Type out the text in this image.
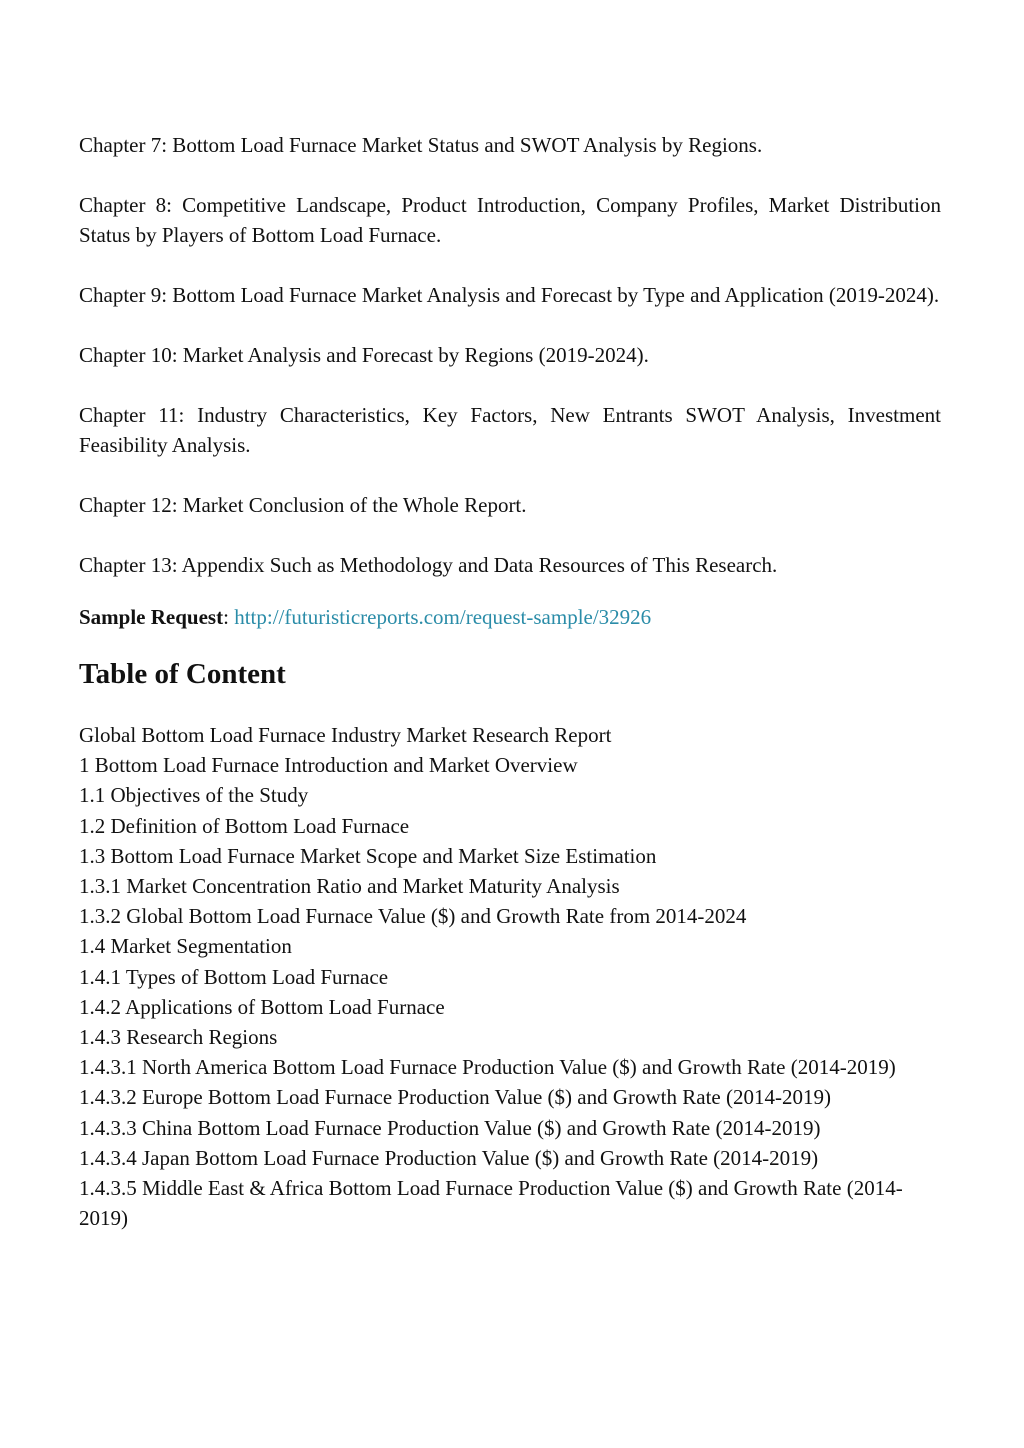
Chapter 7: Bottom Load Furnace Market Status and SWOT Analysis by Regions.

Chapter 8: Competitive Landscape, Product Introduction, Company Profiles, Market Distribution Status by Players of Bottom Load Furnace.

Chapter 9: Bottom Load Furnace Market Analysis and Forecast by Type and Application (2019-2024).

Chapter 10: Market Analysis and Forecast by Regions (2019-2024).

Chapter 11: Industry Characteristics, Key Factors, New Entrants SWOT Analysis, Investment Feasibility Analysis.

Chapter 12: Market Conclusion of the Whole Report.

Chapter 13: Appendix Such as Methodology and Data Resources of This Research.

Sample Request: http://futuristicreports.com/request-sample/32926

Table of Content
Global Bottom Load Furnace Industry Market Research Report
1 Bottom Load Furnace Introduction and Market Overview
1.1 Objectives of the Study
1.2 Definition of Bottom Load Furnace
1.3 Bottom Load Furnace Market Scope and Market Size Estimation
1.3.1 Market Concentration Ratio and Market Maturity Analysis
1.3.2 Global Bottom Load Furnace Value ($) and Growth Rate from 2014-2024
1.4 Market Segmentation
1.4.1 Types of Bottom Load Furnace
1.4.2 Applications of Bottom Load Furnace
1.4.3 Research Regions
1.4.3.1 North America Bottom Load Furnace Production Value ($) and Growth Rate (2014-2019)
1.4.3.2 Europe Bottom Load Furnace Production Value ($) and Growth Rate (2014-2019)
1.4.3.3 China Bottom Load Furnace Production Value ($) and Growth Rate (2014-2019)
1.4.3.4 Japan Bottom Load Furnace Production Value ($) and Growth Rate (2014-2019)
1.4.3.5 Middle East & Africa Bottom Load Furnace Production Value ($) and Growth Rate (2014-2019)
